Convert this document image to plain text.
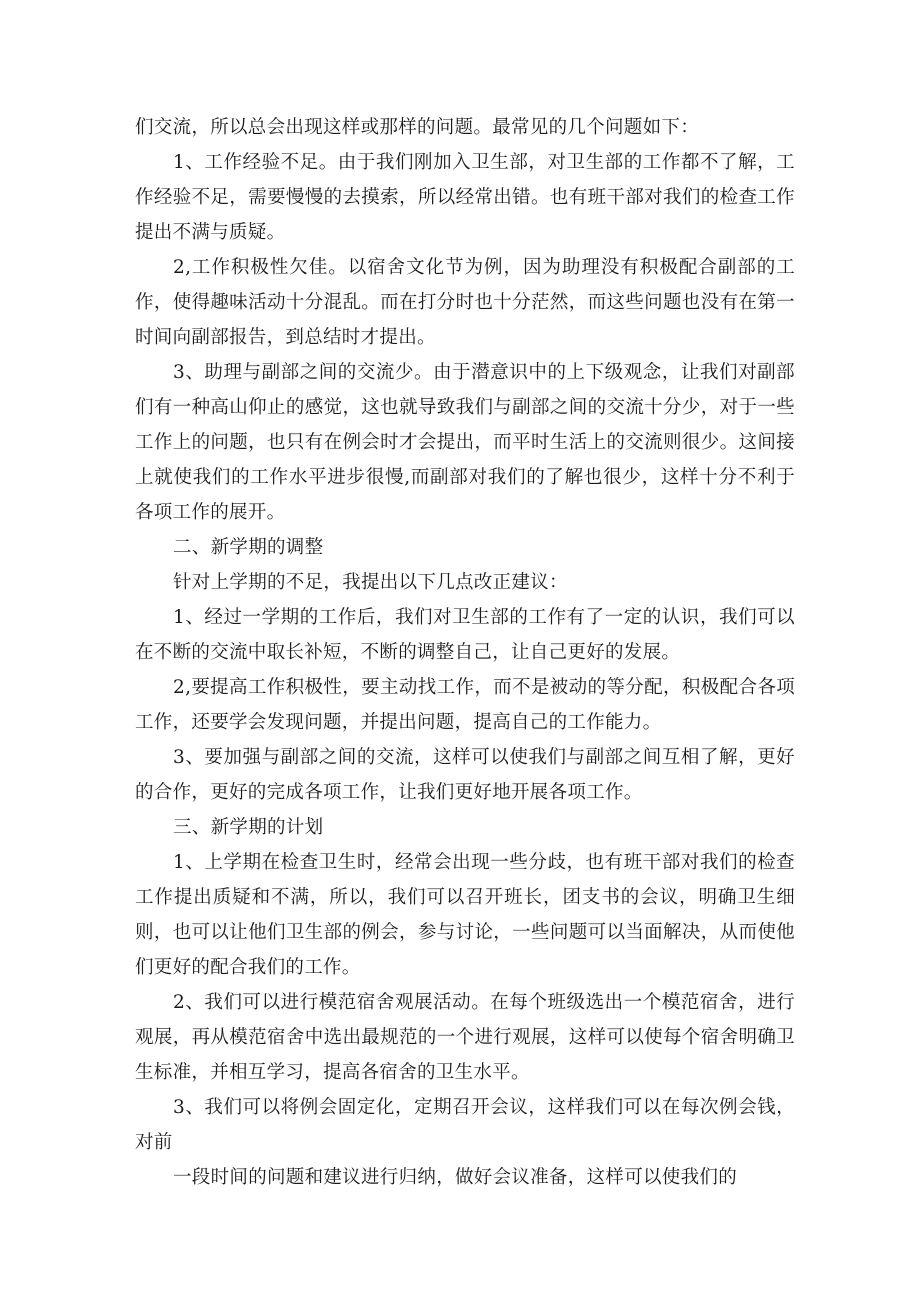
们交流，所以总会出现这样或那样的问题。最常见的几个问题如下：

1、工作经验不足。由于我们刚加入卫生部，对卫生部的工作都不了解，工作经验不足，需要慢慢的去摸索，所以经常出错。也有班干部对我们的检查工作提出不满与质疑。

2,工作积极性欠佳。以宿舍文化节为例，因为助理没有积极配合副部的工作，使得趣味活动十分混乱。而在打分时也十分茫然，而这些问题也没有在第一时间向副部报告，到总结时才提出。

3、助理与副部之间的交流少。由于潜意识中的上下级观念，让我们对副部们有一种高山仰止的感觉，这也就导致我们与副部之间的交流十分少，对于一些工作上的问题，也只有在例会时才会提出，而平时生活上的交流则很少。这间接上就使我们的工作水平进步很慢,而副部对我们的了解也很少，这样十分不利于各项工作的展开。

二、新学期的调整

针对上学期的不足，我提出以下几点改正建议：

1、经过一学期的工作后，我们对卫生部的工作有了一定的认识，我们可以在不断的交流中取长补短，不断的调整自己，让自己更好的发展。

2,要提高工作积极性，要主动找工作，而不是被动的等分配，积极配合各项工作，还要学会发现问题，并提出问题，提高自己的工作能力。

3、要加强与副部之间的交流，这样可以使我们与副部之间互相了解，更好的合作，更好的完成各项工作，让我们更好地开展各项工作。

三、新学期的计划

1、上学期在检查卫生时，经常会出现一些分歧，也有班干部对我们的检查工作提出质疑和不满，所以，我们可以召开班长，团支书的会议，明确卫生细则，也可以让他们卫生部的例会，参与讨论，一些问题可以当面解决，从而使他们更好的配合我们的工作。

2、我们可以进行模范宿舍观展活动。在每个班级选出一个模范宿舍，进行观展，再从模范宿舍中选出最规范的一个进行观展，这样可以使每个宿舍明确卫生标准，并相互学习，提高各宿舍的卫生水平。

3、我们可以将例会固定化，定期召开会议，这样我们可以在每次例会钱，对前

一段时间的问题和建议进行归纳，做好会议准备，这样可以使我们的
